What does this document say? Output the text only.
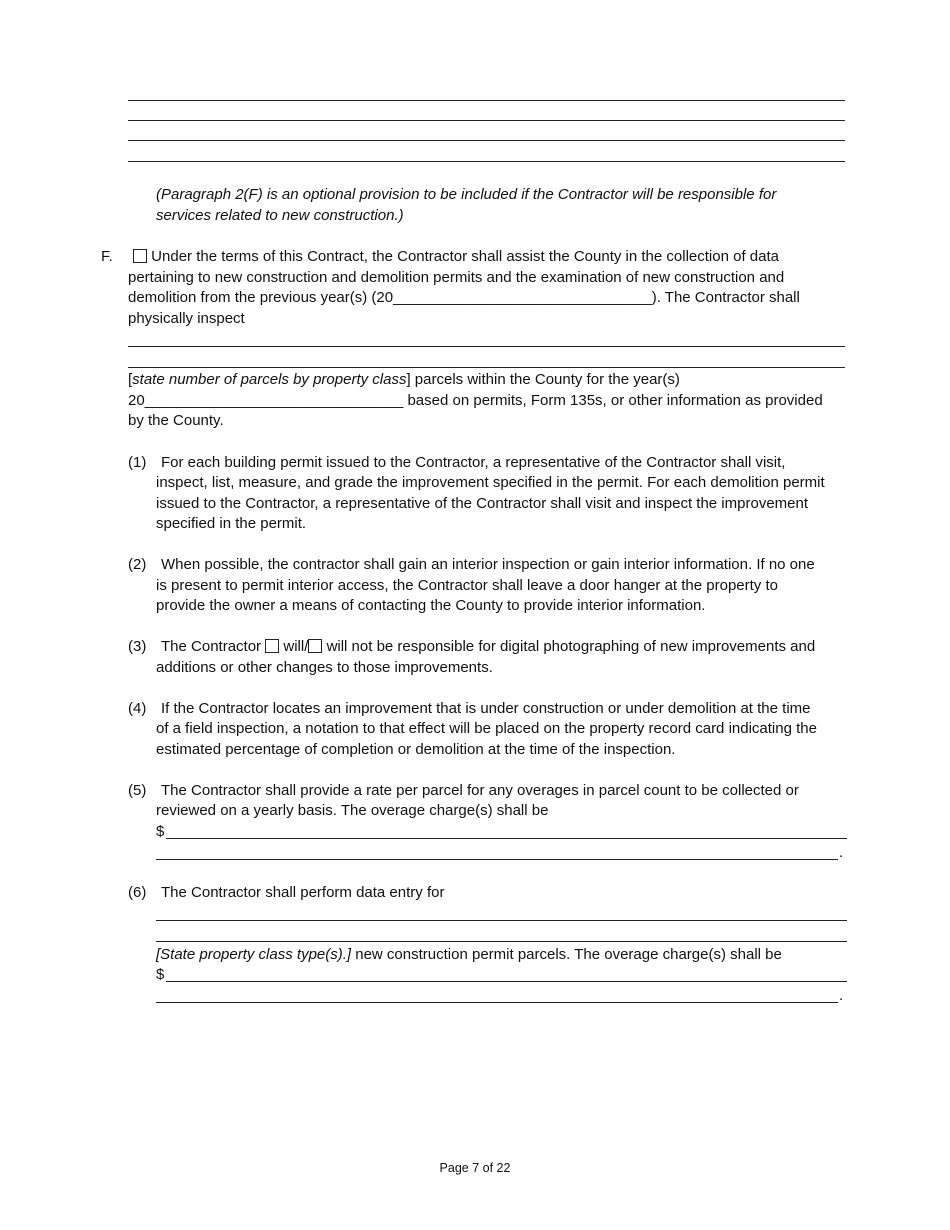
(Paragraph 2(F) is an optional provision to be included if the Contractor will be responsible for services related to new construction.)
F.	Under the terms of this Contract, the Contractor shall assist the County in the collection of data
pertaining to new construction and demolition permits and the examination of new construction and
demolition from the previous year(s) (20_______________________________). The Contractor shall
physically inspect
[state number of parcels by property class] parcels within the County for the year(s)
20_______________________________ based on permits, Form 135s, or other information as provided
by the County.
(1) For each building permit issued to the Contractor, a representative of the Contractor shall visit,
inspect, list, measure, and grade the improvement specified in the permit. For each demolition permit
issued to the Contractor, a representative of the Contractor shall visit and inspect the improvement
specified in the permit.
(2) When possible, the contractor shall gain an interior inspection or gain interior information. If no one
is present to permit interior access, the Contractor shall leave a door hanger at the property to
provide the owner a means of contacting the County to provide interior information.
(3) The Contractor will/ will not be responsible for digital photographing of new improvements and
additions or other changes to those improvements.
(4) If the Contractor locates an improvement that is under construction or under demolition at the time
of a field inspection, a notation to that effect will be placed on the property record card indicating the
estimated percentage of completion or demolition at the time of the inspection.
(5) The Contractor shall provide a rate per parcel for any overages in parcel count to be collected or
reviewed on a yearly basis. The overage charge(s) shall be
$
.
(6) The Contractor shall perform data entry for
[State property class type(s).] new construction permit parcels. The overage charge(s) shall be
$
.
Page 7 of 22
